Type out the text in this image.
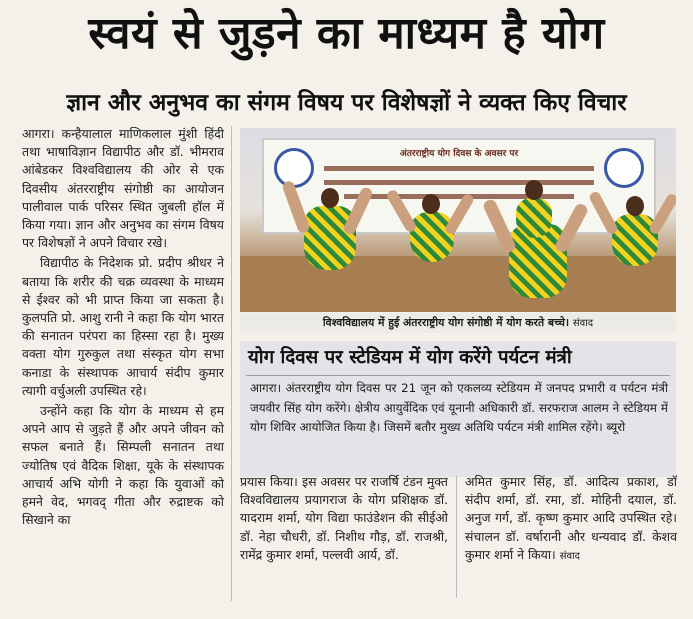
स्वयं से जुड़ने का माध्यम है योग
ज्ञान और अनुभव का संगम विषय पर विशेषज्ञों ने व्यक्त किए विचार

आगरा। कन्हैयालाल माणिकलाल मुंशी हिंदी तथा भाषाविज्ञान विद्यापीठ और डॉ. भीमराव आंबेडकर विश्वविद्यालय की ओर से एक दिवसीय अंतरराष्ट्रीय संगोष्ठी का आयोजन पालीवाल पार्क परिसर स्थित जुबली हॉल में किया गया। ज्ञान और अनुभव का संगम विषय पर विशेषज्ञों ने अपने विचार रखे।

विद्यापीठ के निदेशक प्रो. प्रदीप श्रीधर ने बताया कि शरीर की चक्र व्यवस्था के माध्यम से ईश्वर को भी प्राप्त किया जा सकता है। कुलपति प्रो. आशु रानी ने कहा कि योग भारत की सनातन परंपरा का हिस्सा रहा है। मुख्य वक्ता योग गुरुकुल तथा संस्कृत योग सभा कनाडा के संस्थापक आचार्य संदीप कुमार त्यागी वर्चुअली उपस्थित रहे।

उन्होंने कहा कि योग के माध्यम से हम अपने आप से जुड़ते हैं और अपने जीवन को सफल बनाते हैं। सिम्पली सनातन तथा ज्योतिष एवं वैदिक शिक्षा, यूके के संस्थापक आचार्य अभि योगी ने कहा कि युवाओं को हमने वेद, भगवद् गीता और रुद्राष्टक को सिखाने का

अंतरराष्ट्रीय योग दिवस के अवसर पर
विश्वविद्यालय में हुई अंतरराष्ट्रीय योग संगोष्ठी में योग करते बच्चे। संवाद
योग दिवस पर स्टेडियम में योग करेंगे पर्यटन मंत्री
आगरा। अंतरराष्ट्रीय योग दिवस पर 21 जून को एकलव्य स्टेडियम में जनपद प्रभारी व पर्यटन मंत्री जयवीर सिंह योग करेंगे। क्षेत्रीय आयुर्वेदिक एवं यूनानी अधिकारी डॉ. सरफराज आलम ने स्टेडियम में योग शिविर आयोजित किया है। जिसमें बतौर मुख्य अतिथि पर्यटन मंत्री शामिल रहेंगे। ब्यूरो

प्रयास किया। इस अवसर पर राजर्षि टंडन मुक्त विश्वविद्यालय प्रयागराज के योग प्रशिक्षक डॉ. यादराम शर्मा, योग विद्या फाउंडेशन की सीईओ डॉ. नेहा चौधरी, डॉ. निशीथ गौड़, डॉ. राजश्री, रामेंद्र कुमार शर्मा, पल्लवी आर्य, डॉ.

अमित कुमार सिंह, डॉ. आदित्य प्रकाश, डॉ संदीप शर्मा, डॉ. रमा, डॉ. मोहिनी दयाल, डॉ. अनुज गर्ग, डॉ. कृष्ण कुमार आदि उपस्थित रहे। संचालन डॉ. वर्षारानी और धन्यवाद डॉ. केशव कुमार शर्मा ने किया। संवाद
